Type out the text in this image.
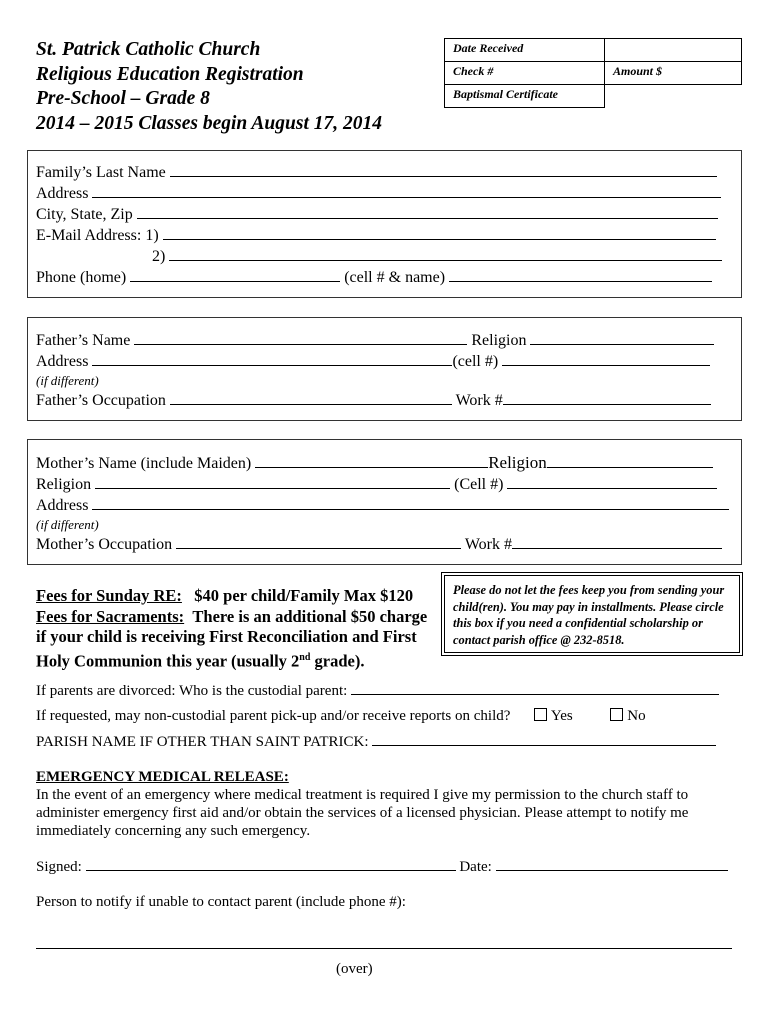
St. Patrick Catholic Church
Religious Education Registration
Pre-School – Grade 8
2014 – 2015 Classes begin August 17, 2014
Date Received	
Check #	Amount $
Baptismal Certificate	
Family’s Last Name
Address
City, State, Zip
E-Mail Address: 1)
2)
Phone (home)	(cell # & name)
Father’s Name	Religion
Address	(cell #)
(if different)
Father’s Occupation	Work #
Mother’s Name (include Maiden)	Religion
Religion	(Cell #)
Address
(if different)
Mother’s Occupation	Work #
Fees for Sunday RE: $40 per child/Family Max $120
Fees for Sacraments: There is an additional $50 charge
if your child is receiving First Reconciliation and First
Holy Communion this year (usually 2nd grade).
Please do not let the fees keep you from sending your child(ren). You may pay in installments. Please circle this box if you need a confidential scholarship or contact parish office @ 232-8518.
If parents are divorced: Who is the custodial parent:
If requested, may non-custodial parent pick-up and/or receive reports on child?	Yes	No
PARISH NAME IF OTHER THAN SAINT PATRICK:
EMERGENCY MEDICAL RELEASE:
In the event of an emergency where medical treatment is required I give my permission to the church staff to
administer emergency first aid and/or obtain the services of a licensed physician. Please attempt to notify me
immediately concerning any such emergency.
Signed:	Date:
Person to notify if unable to contact parent (include phone #):
(over)
